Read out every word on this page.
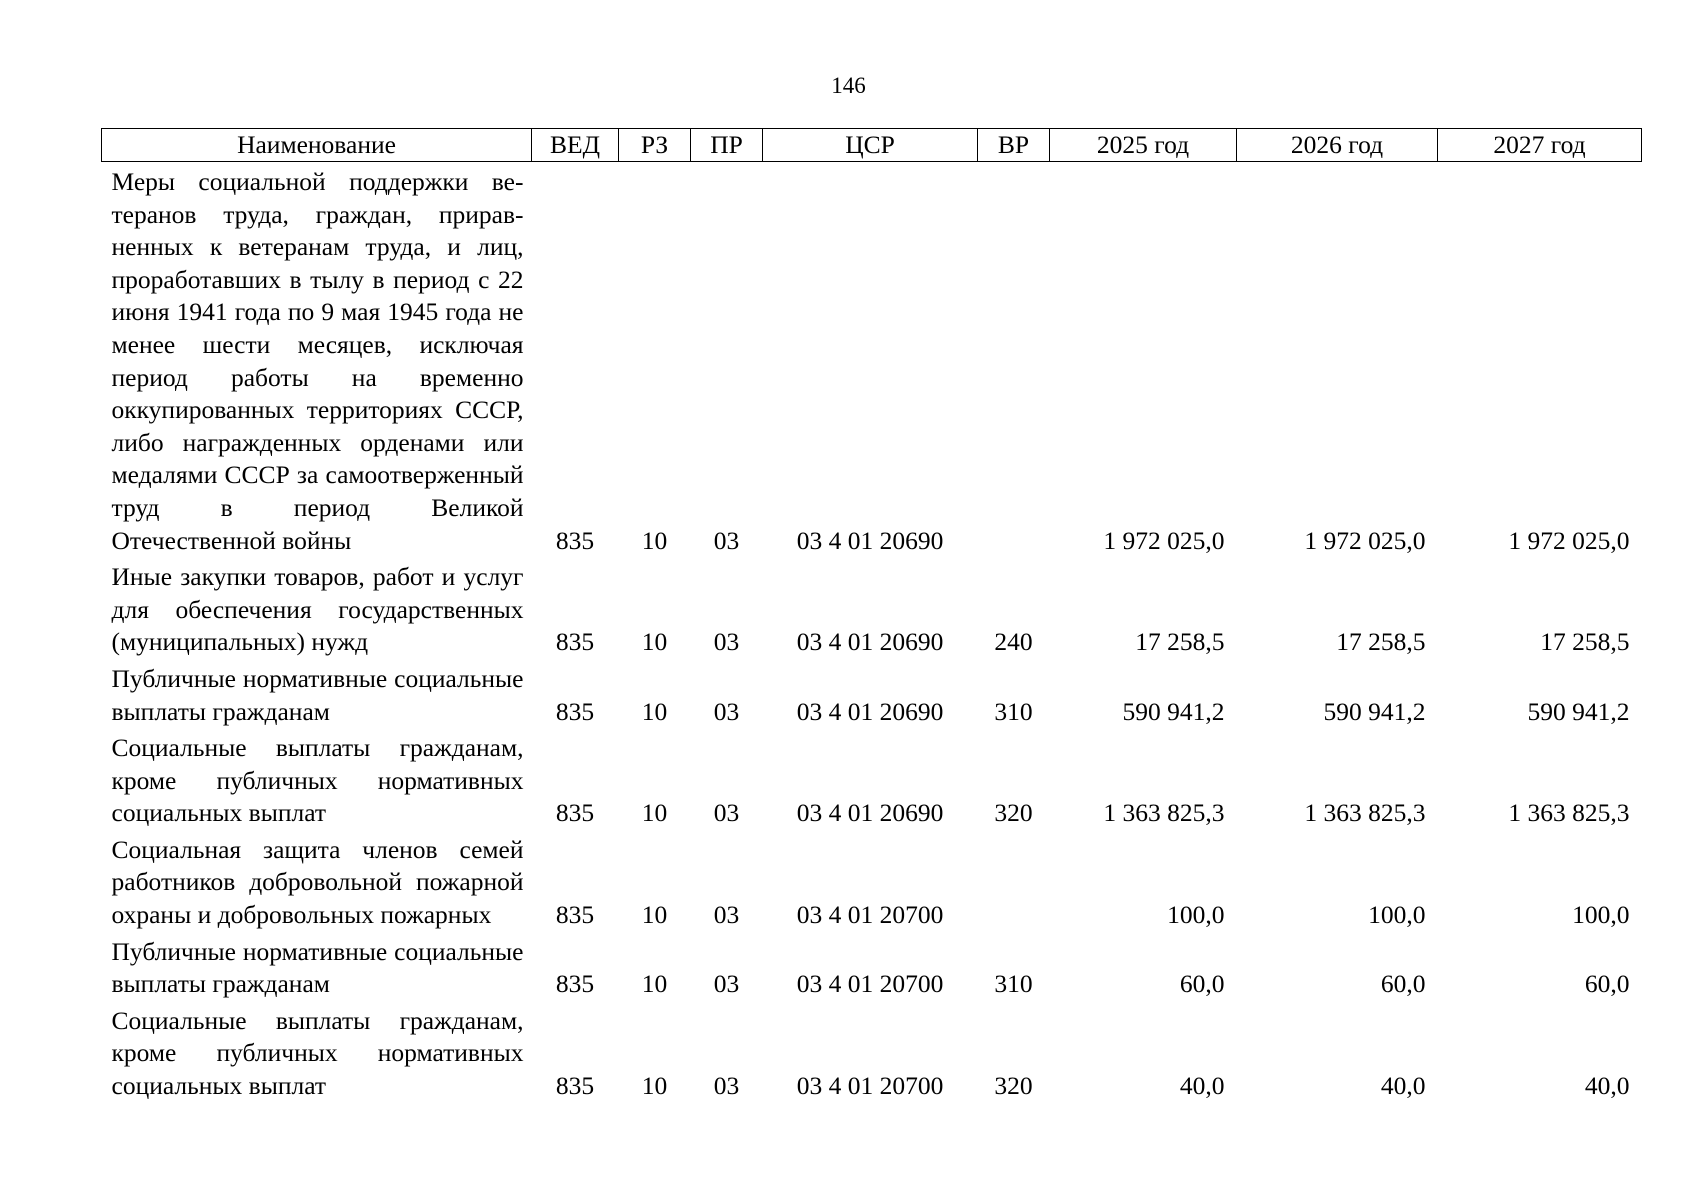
146
Наименование	ВЕД	РЗ	ПР	ЦСР	ВР	2025 год	2026 год	2027 год
Меры социальной поддержки ветеранов труда, граждан, приравненных к ветеранам труда, и лиц, проработавших в тылу в период с 22 июня 1941 года по 9 мая 1945 года не менее шести месяцев, исключая период работы на временно оккупированных территориях СССР, либо награжденных орденами или медалями СССР за самоотверженный труд в период Великой Отечественной войны	835	10	03	03 4 01 20690		1 972 025,0	1 972 025,0	1 972 025,0
Иные закупки товаров, работ и услуг для обеспечения государственных (муниципальных) нужд	835	10	03	03 4 01 20690	240	17 258,5	17 258,5	17 258,5
Публичные нормативные социальные выплаты гражданам	835	10	03	03 4 01 20690	310	590 941,2	590 941,2	590 941,2
Социальные выплаты гражданам, кроме публичных нормативных социальных выплат	835	10	03	03 4 01 20690	320	1 363 825,3	1 363 825,3	1 363 825,3
Социальная защита членов семей работников добровольной пожарной охраны и добровольных пожарных	835	10	03	03 4 01 20700		100,0	100,0	100,0
Публичные нормативные социальные выплаты гражданам	835	10	03	03 4 01 20700	310	60,0	60,0	60,0
Социальные выплаты гражданам, кроме публичных нормативных социальных выплат	835	10	03	03 4 01 20700	320	40,0	40,0	40,0
